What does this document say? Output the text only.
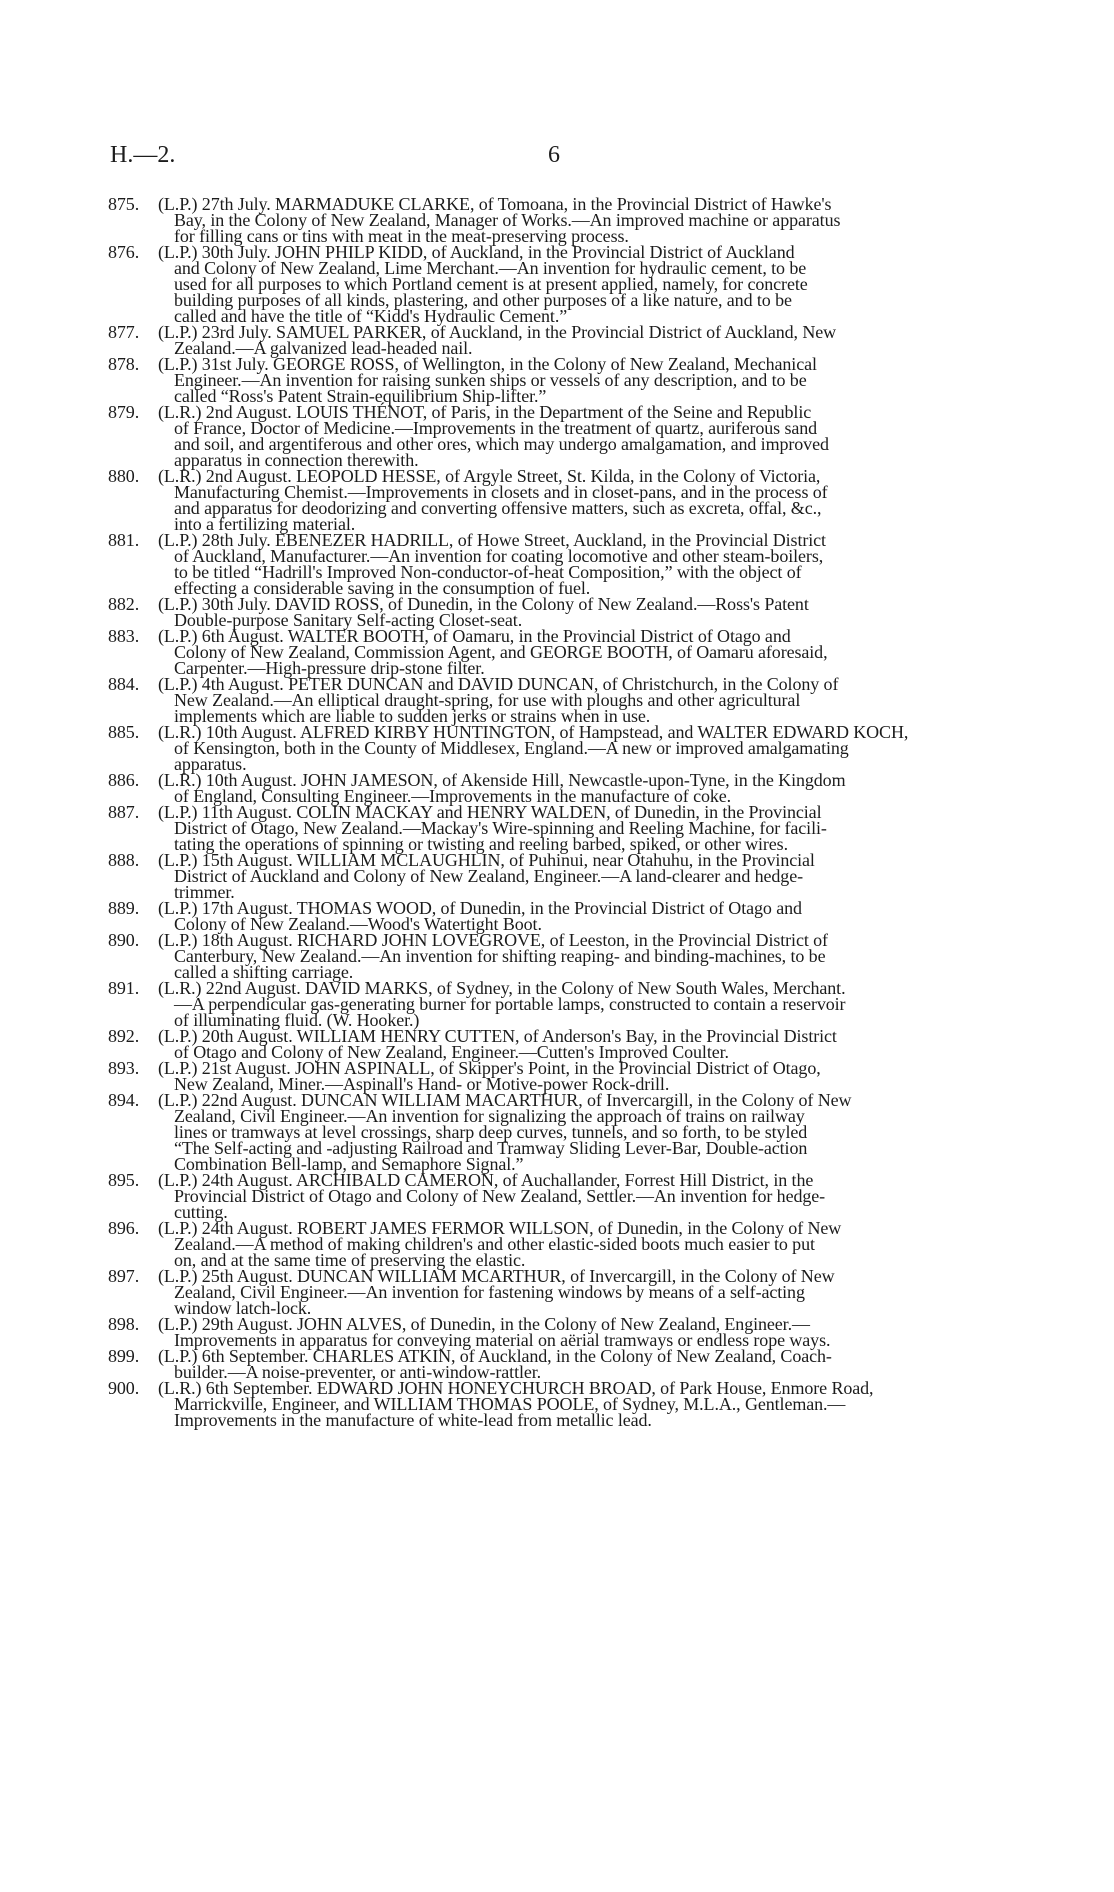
H.—2.	6
875.	(L.P.) 27th July. MARMADUKE CLARKE, of Tomoana, in the Provincial District of Hawke's
Bay, in the Colony of New Zealand, Manager of Works.—An improved machine or apparatus
for filling cans or tins with meat in the meat-preserving process.
876.	(L.P.) 30th July. JOHN PHILP KIDD, of Auckland, in the Provincial District of Auckland
and Colony of New Zealand, Lime Merchant.—An invention for hydraulic cement, to be
used for all purposes to which Portland cement is at present applied, namely, for concrete
building purposes of all kinds, plastering, and other purposes of a like nature, and to be
called and have the title of “Kidd's Hydraulic Cement.”
877.	(L.P.) 23rd July. SAMUEL PARKER, of Auckland, in the Provincial District of Auckland, New
Zealand.—A galvanized lead-headed nail.
878.	(L.P.) 31st July. GEORGE ROSS, of Wellington, in the Colony of New Zealand, Mechanical
Engineer.—An invention for raising sunken ships or vessels of any description, and to be
called “Ross's Patent Strain-equilibrium Ship-lifter.”
879.	(L.R.) 2nd August. LOUIS THÉNOT, of Paris, in the Department of the Seine and Republic
of France, Doctor of Medicine.—Improvements in the treatment of quartz, auriferous sand
and soil, and argentiferous and other ores, which may undergo amalgamation, and improved
apparatus in connection therewith.
880.	(L.R.) 2nd August. LEOPOLD HESSE, of Argyle Street, St. Kilda, in the Colony of Victoria,
Manufacturing Chemist.—Improvements in closets and in closet-pans, and in the process of
and apparatus for deodorizing and converting offensive matters, such as excreta, offal, &c.,
into a fertilizing material.
881.	(L.P.) 28th July. EBENEZER HADRILL, of Howe Street, Auckland, in the Provincial District
of Auckland, Manufacturer.—An invention for coating locomotive and other steam-boilers,
to be titled “Hadrill's Improved Non-conductor-of-heat Composition,” with the object of
effecting a considerable saving in the consumption of fuel.
882.	(L.P.) 30th July. DAVID ROSS, of Dunedin, in the Colony of New Zealand.—Ross's Patent
Double-purpose Sanitary Self-acting Closet-seat.
883.	(L.P.) 6th August. WALTER BOOTH, of Oamaru, in the Provincial District of Otago and
Colony of New Zealand, Commission Agent, and GEORGE BOOTH, of Oamaru aforesaid,
Carpenter.—High-pressure drip-stone filter.
884.	(L.P.) 4th August. PETER DUNCAN and DAVID DUNCAN, of Christchurch, in the Colony of
New Zealand.—An elliptical draught-spring, for use with ploughs and other agricultural
implements which are liable to sudden jerks or strains when in use.
885.	(L.R.) 10th August. ALFRED KIRBY HUNTINGTON, of Hampstead, and WALTER EDWARD KOCH,
of Kensington, both in the County of Middlesex, England.—A new or improved amalgamating
apparatus.
886.	(L.R.) 10th August. JOHN JAMESON, of Akenside Hill, Newcastle-upon-Tyne, in the Kingdom
of England, Consulting Engineer.—Improvements in the manufacture of coke.
887.	(L.P.) 11th August. COLIN MACKAY and HENRY WALDEN, of Dunedin, in the Provincial
District of Otago, New Zealand.—Mackay's Wire-spinning and Reeling Machine, for facili-
tating the operations of spinning or twisting and reeling barbed, spiked, or other wires.
888.	(L.P.) 15th August. WILLIAM MCLAUGHLIN, of Puhinui, near Otahuhu, in the Provincial
District of Auckland and Colony of New Zealand, Engineer.—A land-clearer and hedge-
trimmer.
889.	(L.P.) 17th August. THOMAS WOOD, of Dunedin, in the Provincial District of Otago and
Colony of New Zealand.—Wood's Watertight Boot.
890.	(L.P.) 18th August. RICHARD JOHN LOVEGROVE, of Leeston, in the Provincial District of
Canterbury, New Zealand.—An invention for shifting reaping- and binding-machines, to be
called a shifting carriage.
891.	(L.R.) 22nd August. DAVID MARKS, of Sydney, in the Colony of New South Wales, Merchant.
—A perpendicular gas-generating burner for portable lamps, constructed to contain a reservoir
of illuminating fluid. (W. Hooker.)
892.	(L.P.) 20th August. WILLIAM HENRY CUTTEN, of Anderson's Bay, in the Provincial District
of Otago and Colony of New Zealand, Engineer.—Cutten's Improved Coulter.
893.	(L.P.) 21st August. JOHN ASPINALL, of Skipper's Point, in the Provincial District of Otago,
New Zealand, Miner.—Aspinall's Hand- or Motive-power Rock-drill.
894.	(L.P.) 22nd August. DUNCAN WILLIAM MACARTHUR, of Invercargill, in the Colony of New
Zealand, Civil Engineer.—An invention for signalizing the approach of trains on railway
lines or tramways at level crossings, sharp deep curves, tunnels, and so forth, to be styled
“The Self-acting and -adjusting Railroad and Tramway Sliding Lever-Bar, Double-action
Combination Bell-lamp, and Semaphore Signal.”
895.	(L.P.) 24th August. ARCHIBALD CAMERON, of Auchallander, Forrest Hill District, in the
Provincial District of Otago and Colony of New Zealand, Settler.—An invention for hedge-
cutting.
896.	(L.P.) 24th August. ROBERT JAMES FERMOR WILLSON, of Dunedin, in the Colony of New
Zealand.—A method of making children's and other elastic-sided boots much easier to put
on, and at the same time of preserving the elastic.
897.	(L.P.) 25th August. DUNCAN WILLIAM MCARTHUR, of Invercargill, in the Colony of New
Zealand, Civil Engineer.—An invention for fastening windows by means of a self-acting
window latch-lock.
898.	(L.P.) 29th August. JOHN ALVES, of Dunedin, in the Colony of New Zealand, Engineer.—
Improvements in apparatus for conveying material on aërial tramways or endless rope ways.
899.	(L.P.) 6th September. CHARLES ATKIN, of Auckland, in the Colony of New Zealand, Coach-
builder.—A noise-preventer, or anti-window-rattler.
900.	(L.R.) 6th September. EDWARD JOHN HONEYCHURCH BROAD, of Park House, Enmore Road,
Marrickville, Engineer, and WILLIAM THOMAS POOLE, of Sydney, M.L.A., Gentleman.—
Improvements in the manufacture of white-lead from metallic lead.
